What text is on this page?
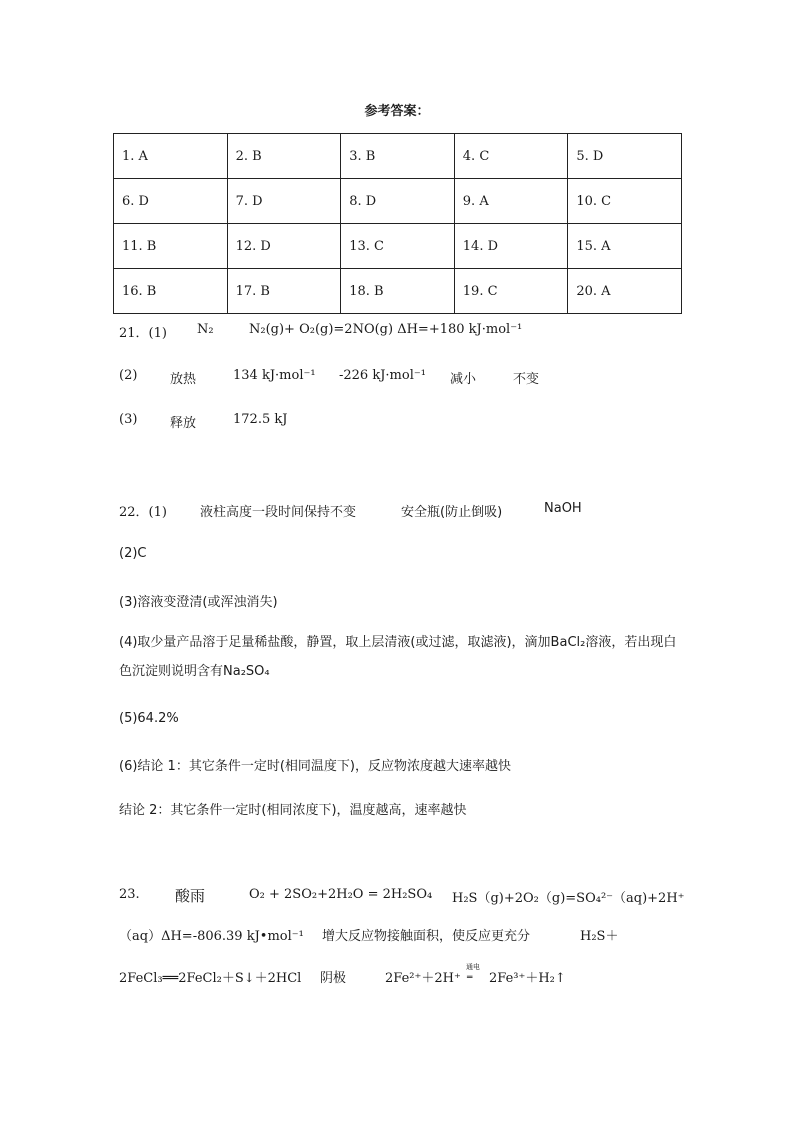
参考答案：
1. A	2. B	3. B	4. C	5. D
6. D	7. D	8. D	9. A	10. C
11. B	12. D	13. C	14. D	15. A
16. B	17. B	18. B	19. C	20. A
21．(1) N₂	N₂(g)+ O₂(g)=2NO(g) ΔH=+180 kJ·mol⁻¹
(2)	放热	134 kJ·mol⁻¹ -226 kJ·mol⁻¹ 减小	不变
(3)	释放	172.5 kJ
22．(1)	液柱高度一段时间保持不变	安全瓶(防止倒吸)	NaOH
(2)C
(3)溶液变澄清(或浑浊消失)
(4)取少量产品溶于足量稀盐酸，静置，取上层清液(或过滤，取滤液)，滴加BaCl₂溶液，若出现白色沉淀则说明含有Na₂SO₄
(5)64.2%
(6)结论 1：其它条件一定时(相同温度下)，反应物浓度越大速率越快
结论 2：其它条件一定时(相同浓度下)，温度越高，速率越快
23. 酸雨	O₂ + 2SO₂+2H₂O = 2H₂SO₄ H₂S（g)+2O₂（g)=SO₄²⁻（aq)+2H⁺
（aq）ΔH=-806.39 kJ•mol⁻¹ 增大反应物接触面积，使反应更充分	H₂S＋
2FeCl₃══2FeCl₂＋S↓＋2HCl 阴极	2Fe²⁺＋2H⁺
通电
═ 2Fe³⁺＋H₂↑
